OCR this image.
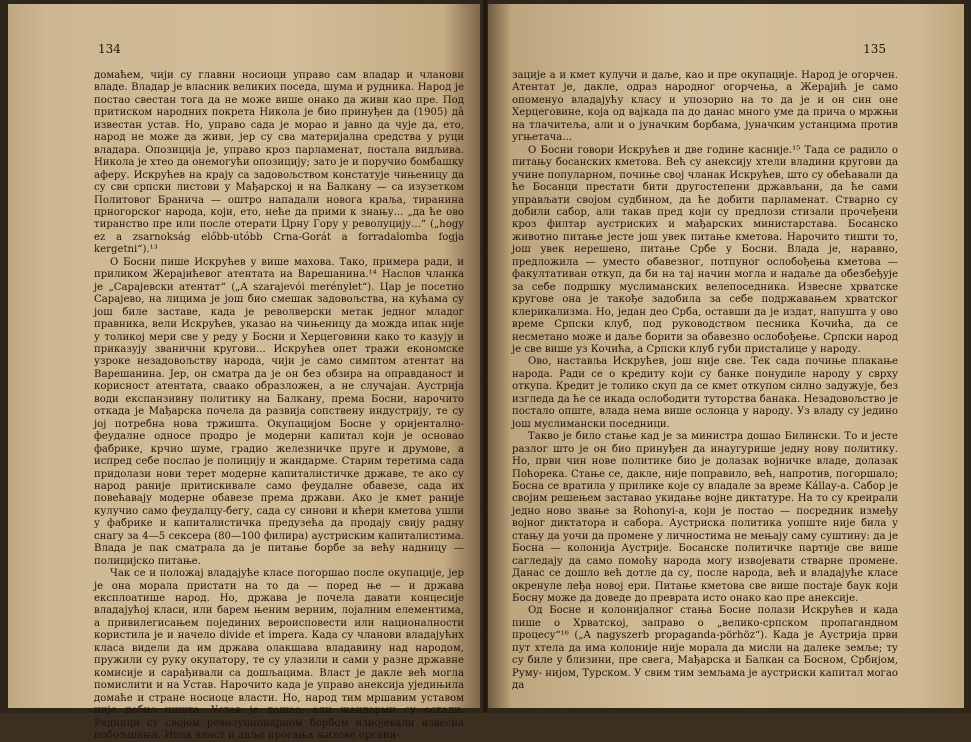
134

домаћем, чији су главни носиоци управо сам владар и чланови владе. Владар је власник великих поседа, шума и рудника. Народ је постао свестан тога да не може више онако да живи као пре. Под притиском народних покрета Никола је био принуђен да (1905) дâ известан устав. Но, управо сада је морао и јавно да чује да, ето, народ не може да живи, јер су сва материјална средства у руци владара. Опозиција је, управо кроз парламенат, постала видљива. Никола је хтео да онемогући опозицију; зато је и поручио бомбашку аферу. Искрућев на крају са задовољством констатује чињеницу да су сви српски листови у Мађарској и на Балкану — са изузетком Политовог Бранича — оштро нападали новога краља, тиранина црногорског народа, који, ето, неће да прими к знању... „да ће ово тиранство пре или после отерати Црну Гору у револуцију...“ („hogy ez a zsarnokság előbb-utóbb Crna-Gorát a forradalomba fogja kergetni“).¹³

О Босни пише Искрућев у више махова. Тако, примера ради, и приликом Жерајићевог атентата на Варешанина.¹⁴ Наслов чланка је „Сарајевски атентат“ („A szarajevói merénylet“). Цар је посетио Сарајево, на лицима је још био смешак задовољства, на кућама су још биле заставе, када је револверски метак једног младог правника, вели Искрућев, указао на чињеницу да можда ипак није у толикој мери све у реду у Босни и Херцеговини како то казују и приказују званични кругови... Искрућев опет тражи економске узроке незадовољству народа, чији је само симптом атентат на Варешанина. Јер, он сматра да је он без обзира на оправданост и корисност атентата, сваако образложен, а не случајан. Аустрија води експанзивну политику на Балкану, према Босни, нарочито откада је Мађарска почела да развија сопствену индустрију, те су јој потребна нова тржишта. Окупацијом Босне у оријентално-феудалне односе продро је модерни капитал који је основао фабрике, крчио шуме, градио железничке пруге и друмове, а испред себе послао је полицију и жандарме. Старим теретима сада придолази нови терет модерне капиталистичке државе, те ако су народ раније притискивале само феудалне обавезе, сада их повећавају модерне обавезе према држави. Ако је кмет раније кулучио само феудалцу-бегу, сада су синови и кћери кметова ушли у фабрике и капиталистичка предузећа да продају свију радну снагу за 4—5 сексера (80—100 филира) аустриским капиталистима. Влада је пак сматрала да је питање борбе за већу надницу — полицијско питање.

Чак се и положај владајуће класе погоршао после окупације, јер је она морала пристати на то да — поред ње — и држава експлоатише народ. Но, држава је почела давати концесије владајућој класи, или барем њеним верним, лојалним елементима, а привилегисањем појединих вероисповести или националности користила је и начело divide et impera. Када су чланови владајућих класа видели да им држава олакшава владавину над народом, пружили су руку окупатору, те су улазили и сами у разне државне комисије и сарађивали са дошљацима. Власт је дакле већ могла помислити и на Устав. Нарочито када је управо анексија уједињила домаће и стране носиоце власти. Но, народ тим мршавим уставом није добио ништа. Устав је дошао, али жандарми су остали. Радници су својом револуционарном борбом изнојевали извесна побољшања. Ипак власт и даље прогања њихове органи-

135

зације а и кмет кулучи и даље, као и пре окупације. Народ је огорчен. Атентат је, дакле, одраз народног огорчења, а Жерајић је само опоменуо владајућу класу и упозорио на то да је и он син оне Херцеговине, која од вајкада па до данас много уме да прича о мржњи на тлачитеља, али и о јуначким борбама, јуначким устанцима против угњетача...

О Босни говори Искрућев и две године касније.¹⁵ Тада се радило о питању босанских кметова. Већ су анексију хтели владини кругови да учине популарном, почиње свој чланак Искрућев, што су обећавали да ће Босанци престати бити другостепени држављани, да ће сами управљати својом судбином, да ће добити парламенат. Стварно су добили сабор, али такав пред који су предлози стизали прочеђени кроз филтар аустриских и мађарских министарстава. Босанско животно питање јесте још увек питање кметова. Нарочито тишти то, још увек нерешено, питање Србе у Босни. Влада је, наравно, предложила — уместо обавезног, потпуног ослобођења кметова — факултативан откуп, да би на тај начин могла и надаље да обезбеђује за себе подршку муслиманских велепоседника. Извесне хрватске кругове она је такође задобила за себе подржавањем хрватског клерикализма. Но, један део Срба, оставши да је издат, напушта у ово време Српски клуб, под руководством песника Кочића, да се несметано може и даље борити за обавезно ослобођење. Српски народ је све више уз Кочића, а Српски клуб губи присталице у народу.

Ово, наставља Искрућев, још није све. Тек сада почиње плакање народа. Ради се о кредиту који су банке понудиле народу у сврху откупа. Кредит је толико скуп да се кмет откупом силно задужује, без изгледа да ће се икада ослободити туторства банака. Незадовољство је постало опште, влада нема више ослонца у народу. Уз владу су једино још муслимански поседници.

Такво је било стање кад је за министра дошао Билински. То и јесте разлог што је он био принуђен да инаугурише једну нову политику. Но, први чин нове политике био је долазак војничке владе, долазак Поћорека. Стање се, дакле, није поправило, већ, напротив, погоршало; Босна се вратила у прилике које су владале за време Kállay-а. Сабор је својим решењем заставао укидање војне диктатуре. На то су креирали једно ново звање за Rohonyi-а, који је постао — посредник између војног диктатора и сабора. Аустриска политика уопште није била у стању да уочи да промене у личностима не мењају саму суштину: да је Босна — колонија Аустрије. Босанске политичке партије све више сагледају да само помоћу народа могу извојевати стварне промене. Данас се дошло већ дотле да су, после народа, већ и владајуће класе окренуле леђа новој ери. Питање кметова све више постаје баук који Босну може да доведе до превратa исто онако као пре анексије.

Од Босне и колонијалног стања Босне полази Искрућев и када пише о Хрватској, заправо о „велико-српском пропагандном процесу“¹⁶ („A nagyszerb propaganda-pörhöz“). Када је Аустрија први пут хтела да има колоније није морала да мисли на далеке земље; ту су биле у близини, пре свега, Мађарска и Балкан са Босном, Србијом, Руму- нијом, Турском. У свим тим земљама је аустриски капитал могао да
